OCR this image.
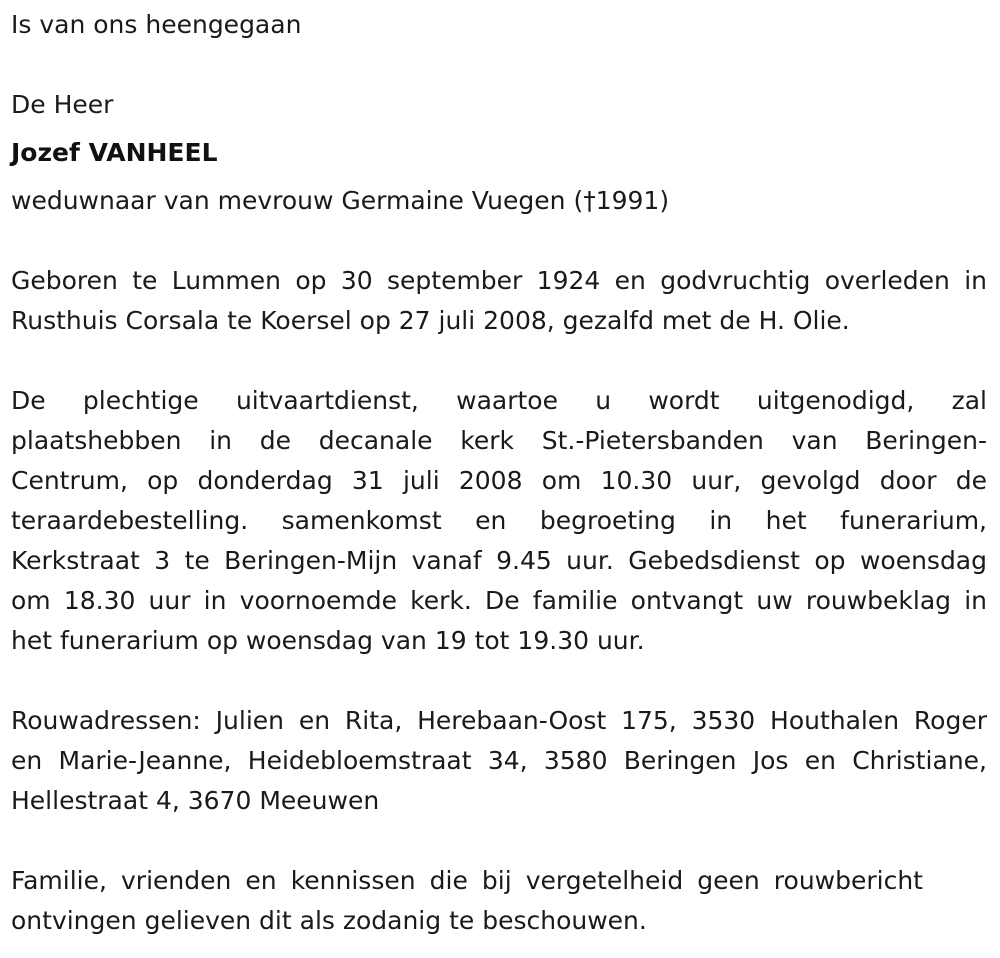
Is van ons heengegaan
De Heer
Jozef VANHEEL
weduwnaar van mevrouw Germaine Vuegen (†1991)
Geboren te Lummen op 30 september 1924 en godvruchtig overleden in
Rusthuis Corsala te Koersel op 27 juli 2008, gezalfd met de H. Olie.
De plechtige uitvaartdienst, waartoe u wordt uitgenodigd, zal
plaatshebben in de decanale kerk St.-Pietersbanden van Beringen-
Centrum, op donderdag 31 juli 2008 om 10.30 uur, gevolgd door de
teraardebestelling. samenkomst en begroeting in het funerarium,
Kerkstraat 3 te Beringen-Mijn vanaf 9.45 uur. Gebedsdienst op woensdag
om 18.30 uur in voornoemde kerk. De familie ontvangt uw rouwbeklag in
het funerarium op woensdag van 19 tot 19.30 uur.
Rouwadressen: Julien en Rita, Herebaan-Oost 175, 3530 Houthalen Roger
en Marie-Jeanne, Heidebloemstraat 34, 3580 Beringen Jos en Christiane,
Hellestraat 4, 3670 Meeuwen
Familie, vrienden en kennissen die bij vergetelheid geen rouwbericht
ontvingen gelieven dit als zodanig te beschouwen.
